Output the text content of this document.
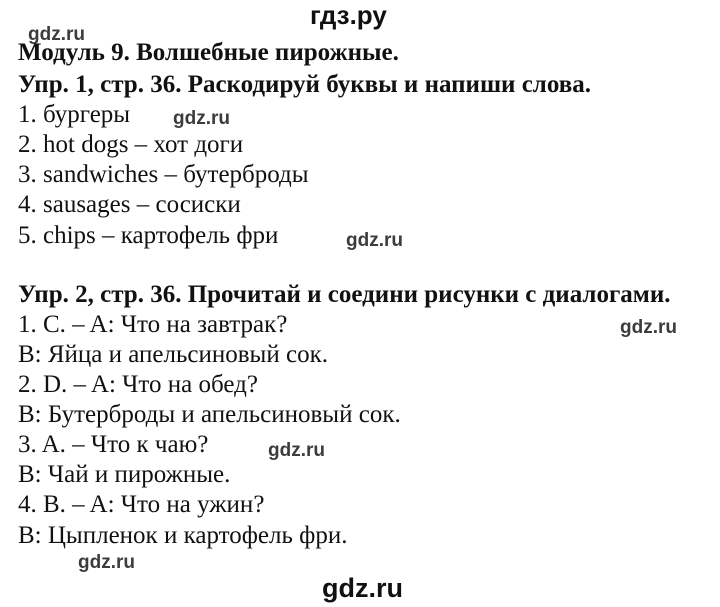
гдз.ру
gdz.ru
Модуль 9. Волшебные пирожные.
Упр. 1, стр. 36. Раскодируй буквы и напиши слова.
1. бургеры gdz.ru
2. hot dogs – хот доги
3. sandwiches – бутерброды
4. sausages – сосиски
5. chips – картофель фри	gdz.ru
Упр. 2, стр. 36. Прочитай и соедини рисунки с диалогами.
1. C. – A: Что на завтрак?	gdz.ru
B: Яйца и апельсиновый сок.
2. D. – A: Что на обед?
B: Бутерброды и апельсиновый сок.
3. A. – Что к чаю?	gdz.ru
B: Чай и пирожные.
4. B. – A: Что на ужин?
B: Цыпленок и картофель фри.
gdz.ru
gdz.ru
